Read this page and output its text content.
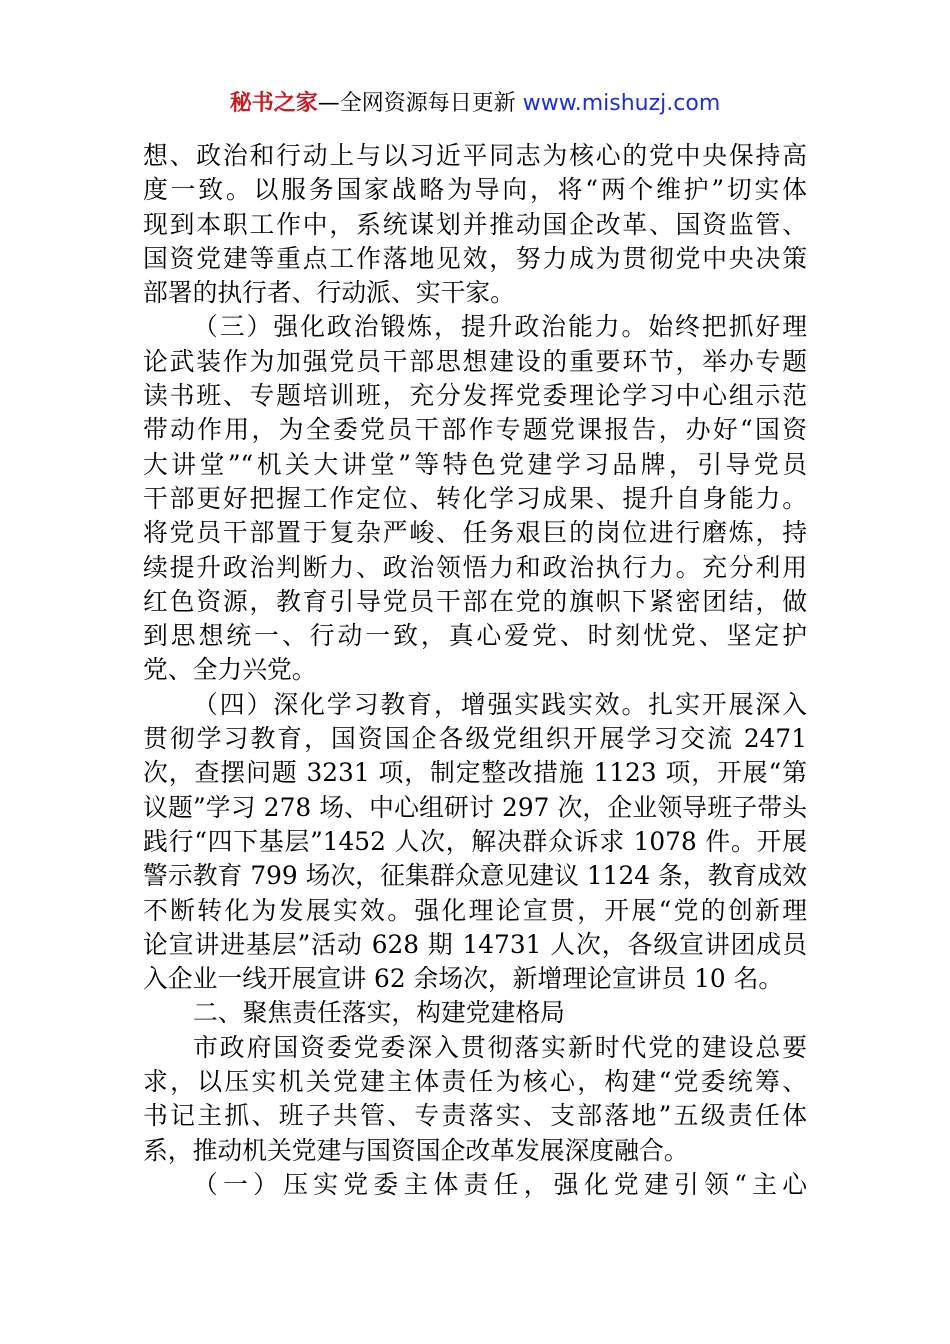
秘书之家—全网资源每日更新 www.mishuzj.com
想、政治和行动上与以习近平同志为核心的党中央保持高
度一致。以服务国家战略为导向，将“两个维护”切实体
现到本职工作中，系统谋划并推动国企改革、国资监管、
国资党建等重点工作落地见效，努力成为贯彻党中央决策
部署的执行者、行动派、实干家。
（三）强化政治锻炼，提升政治能力。始终把抓好理
论武装作为加强党员干部思想建设的重要环节，举办专题
读书班、专题培训班，充分发挥党委理论学习中心组示范
带动作用，为全委党员干部作专题党课报告，办好“国资
大讲堂”“机关大讲堂”等特色党建学习品牌，引导党员
干部更好把握工作定位、转化学习成果、提升自身能力。
将党员干部置于复杂严峻、任务艰巨的岗位进行磨炼，持
续提升政治判断力、政治领悟力和政治执行力。充分利用
红色资源，教育引导党员干部在党的旗帜下紧密团结，做
到思想统一、行动一致，真心爱党、时刻忧党、坚定护
党、全力兴党。
（四）深化学习教育，增强实践实效。扎实开展深入
贯彻学习教育，国资国企各级党组织开展学习交流 2471
次，查摆问题 3231 项，制定整改措施 1123 项，开展“第
议题”学习 278 场、中心组研讨 297 次，企业领导班子带头
践行“四下基层”1452 人次，解决群众诉求 1078 件。开展
警示教育 799 场次，征集群众意见建议 1124 条，教育成效
不断转化为发展实效。强化理论宣贯，开展“党的创新理
论宣讲进基层”活动 628 期 14731 人次，各级宣讲团成员
入企业一线开展宣讲 62 余场次，新增理论宣讲员 10 名。
二、聚焦责任落实，构建党建格局
市政府国资委党委深入贯彻落实新时代党的建设总要
求，以压实机关党建主体责任为核心，构建“党委统筹、
书记主抓、班子共管、专责落实、支部落地”五级责任体
系，推动机关党建与国资国企改革发展深度融合。
（一）压实党委主体责任，强化党建引领“主心
